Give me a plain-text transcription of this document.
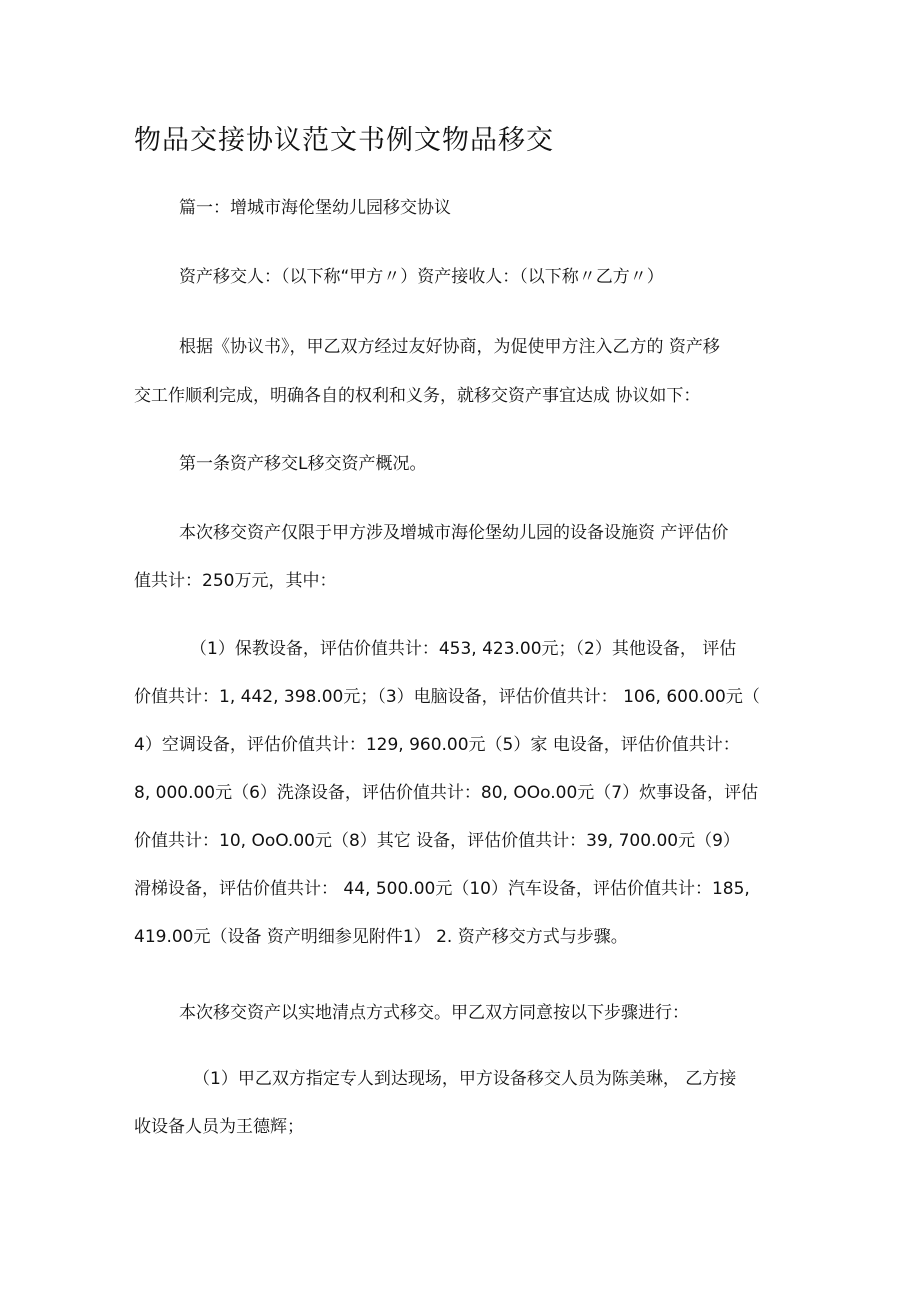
物品交接协议范文书例文物品移交
篇一：增城市海伦堡幼儿园移交协议
资产移交人：（以下称“甲方〃）资产接收人：（以下称〃乙方〃）
根据《协议书》，甲乙双方经过友好协商，为促使甲方注入乙方的 资产移
交工作顺利完成，明确各自的权利和义务，就移交资产事宜达成 协议如下：
第一条资产移交L移交资产概况。
本次移交资产仅限于甲方涉及增城市海伦堡幼儿园的设备设施资 产评估价
值共计：250万元，其中：
（1）保教设备，评估价值共计：453, 423.00元；（2）其他设备， 评估
价值共计：1, 442, 398.00元；（3）电脑设备，评估价值共计： 106, 600.00元（
4）空调设备，评估价值共计：129, 960.00元（5）家 电设备，评估价值共计：
8, 000.00元（6）洗涤设备，评估价值共计：80, OOo.00元（7）炊事设备，评估
价值共计：10, OoO.00元（8）其它 设备，评估价值共计：39, 700.00元（9）
滑梯设备，评估价值共计： 44, 500.00元（10）汽车设备，评估价值共计：185,
419.00元（设备 资产明细参见附件1） 2. 资产移交方式与步骤。
本次移交资产以实地清点方式移交。甲乙双方同意按以下步骤进行：
（1）甲乙双方指定专人到达现场，甲方设备移交人员为陈美琳， 乙方接
收设备人员为王德辉；
